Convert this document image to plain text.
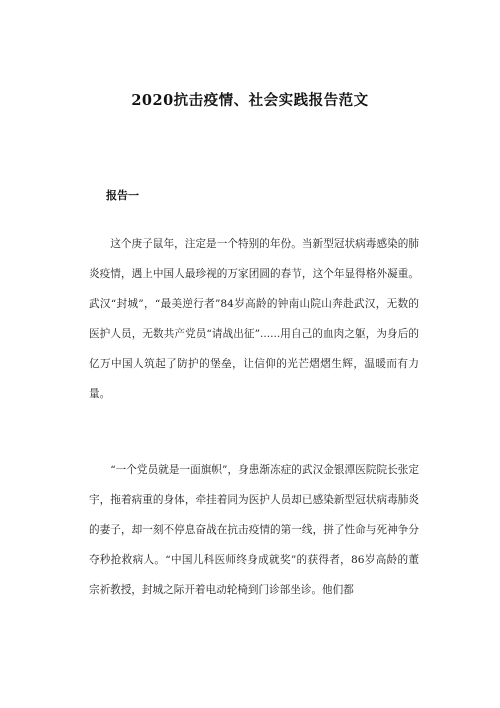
2020抗击疫情、社会实践报告范文
报告一

这个庚子鼠年，注定是一个特别的年份。当新型冠状病毒感染的肺炎疫情，遇上中国人最珍视的万家团圆的春节，这个年显得格外凝重。武汉“封城”，“最美逆行者”84岁高龄的钟南山院山奔赴武汉，无数的医护人员，无数共产党员“请战出征”......用自己的血肉之躯，为身后的亿万中国人筑起了防护的堡垒，让信仰的光芒熠熠生辉，温暖而有力量。

“一个党员就是一面旗帜”，身患渐冻症的武汉金银潭医院院长张定宇，拖着病重的身体，牵挂着同为医护人员却已感染新型冠状病毒肺炎的妻子，却一刻不停息奋战在抗击疫情的第一线，拼了性命与死神争分夺秒抢救病人。“中国儿科医师终身成就奖”的获得者，86岁高龄的董宗祈教授，封城之际开着电动轮椅到门诊部坐诊。他们都
